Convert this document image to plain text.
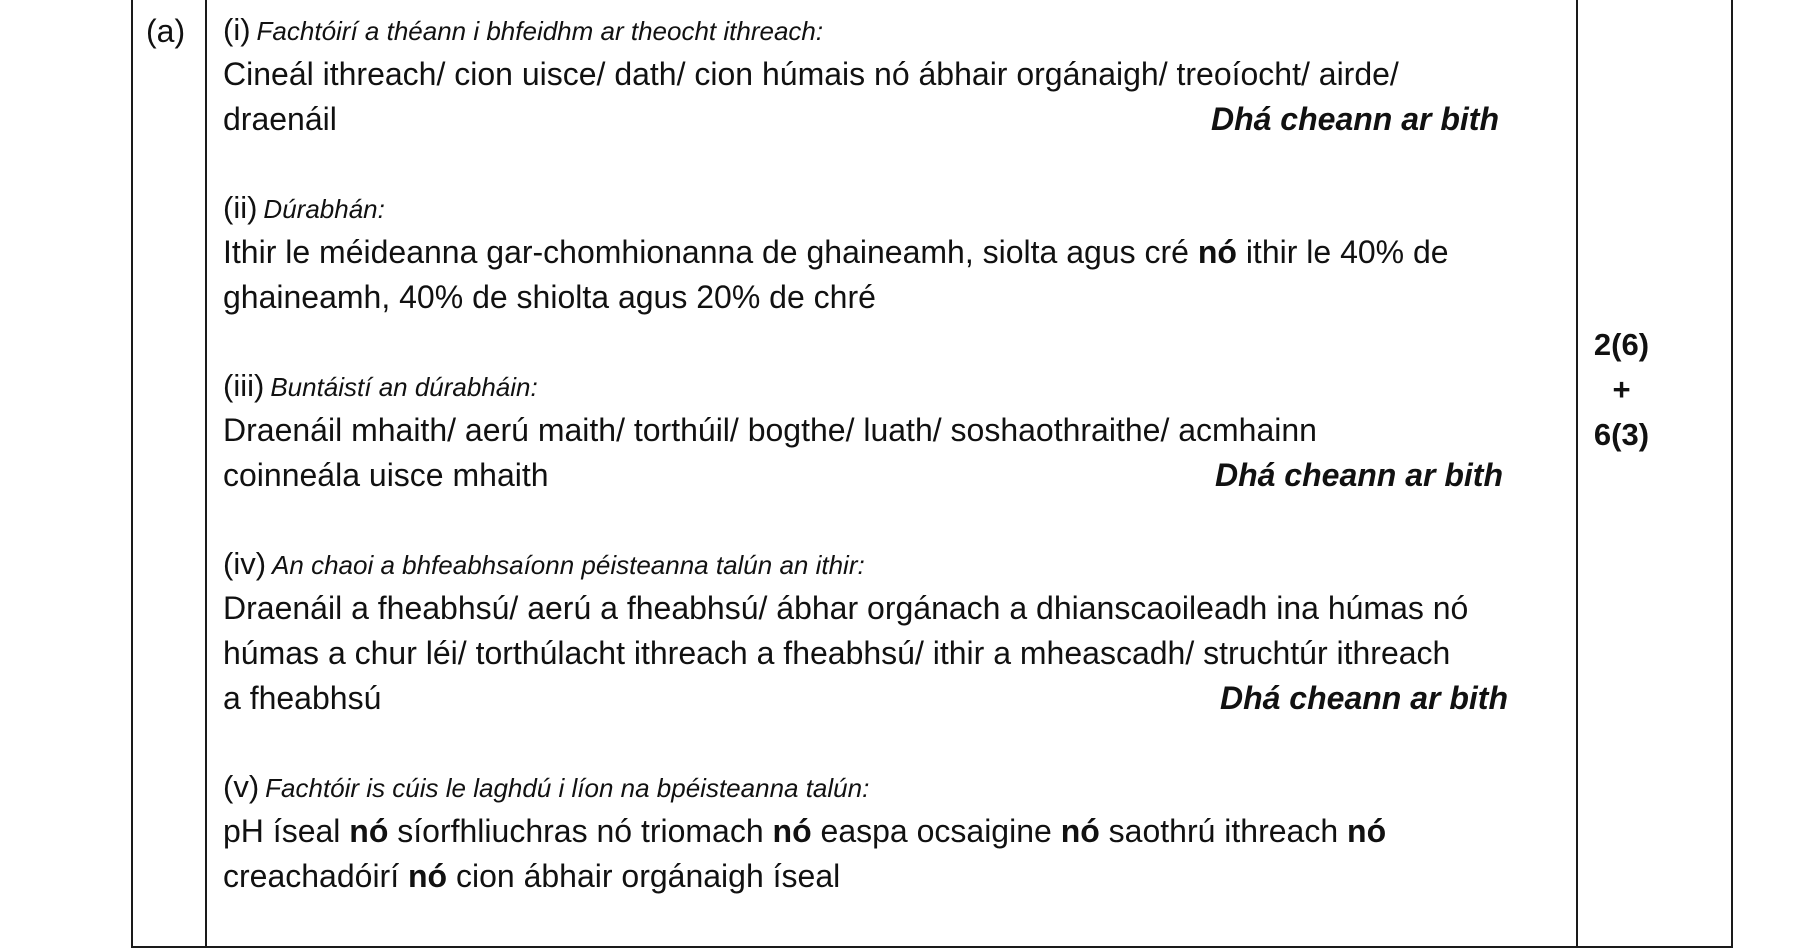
(a) (i) Fachtóirí a théann i bhfeidhm ar theocht ithreach:
Cineál ithreach/ cion uisce/ dath/ cion húmais nó ábhair orgánaigh/ treoíocht/ airde/
draenáil	Dhá cheann ar bith
(ii) Dúrabhán:
Ithir le méideanna gar-chomhionanna de ghaineamh, siolta agus cré nó ithir le 40% de
ghaineamh, 40% de shiolta agus 20% de chré
(iii) Buntáistí an dúrabháin:
Draenáil mhaith/ aerú maith/ torthúil/ bogthe/ luath/ soshaothraithe/ acmhainn
coinneála uisce mhaith	Dhá cheann ar bith
(iv) An chaoi a bhfeabhsaíonn péisteanna talún an ithir:
Draenáil a fheabhsú/ aerú a fheabhsú/ ábhar orgánach a dhianscaoileadh ina húmas nó
húmas a chur léi/ torthúlacht ithreach a fheabhsú/ ithir a mheascadh/ struchtúr ithreach
a fheabhsú	Dhá cheann ar bith
(v) Fachtóir is cúis le laghdú i líon na bpéisteanna talún:
pH íseal nó síorfhliuchras nó triomach nó easpa ocsaigine nó saothrú ithreach nó
creachadóirí nó cion ábhair orgánaigh íseal
2(6)
+
6(3)
